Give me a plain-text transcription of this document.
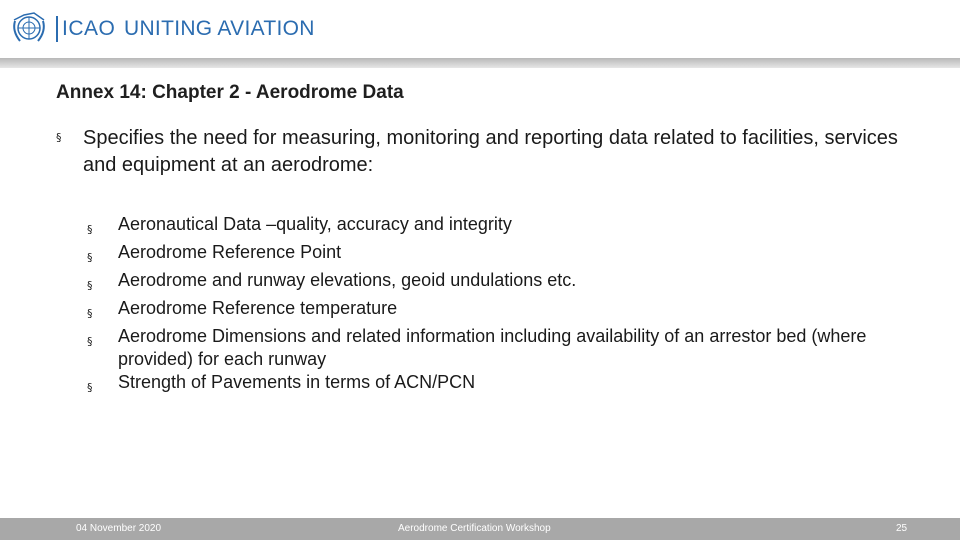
ICAO UNITING AVIATION
Annex 14: Chapter 2 - Aerodrome Data
§ Specifies the need for measuring, monitoring and reporting data related to facilities, services and equipment at an aerodrome:
§ Aeronautical Data –quality, accuracy and integrity
§ Aerodrome Reference Point
§ Aerodrome and runway elevations, geoid undulations etc.
§ Aerodrome Reference temperature
§ Aerodrome Dimensions and related information including availability of an arrestor bed (where provided) for each runway
§ Strength of Pavements in terms of ACN/PCN
04 November 2020	Aerodrome Certification Workshop	25
